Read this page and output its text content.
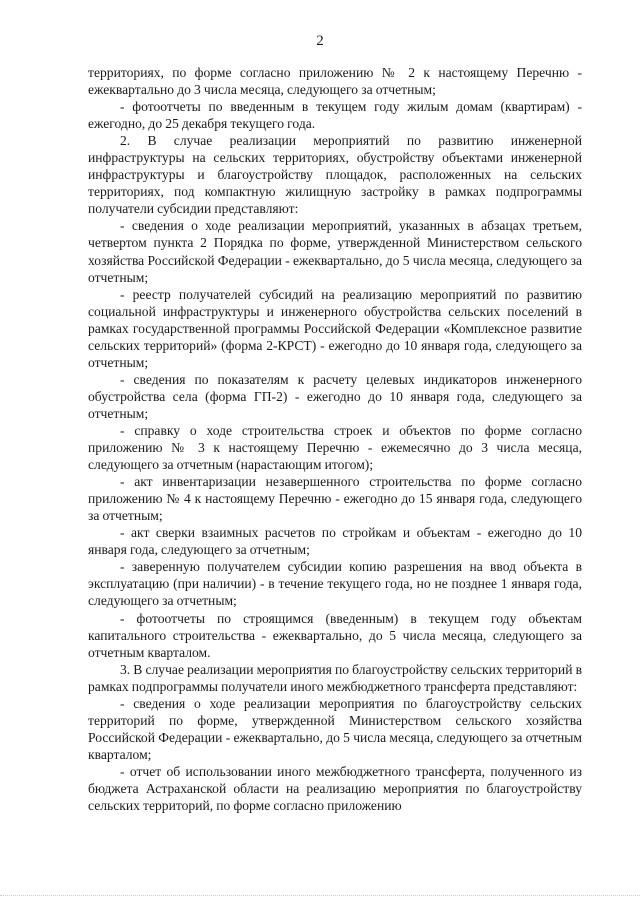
2

территориях, по форме согласно приложению № 2 к настоящему Перечню - ежеквартально до 3 числа месяца, следующего за отчетным;

- фотоотчеты по введенным в текущем году жилым домам (квартирам) - ежегодно, до 25 декабря текущего года.

2. В случае реализации мероприятий по развитию инженерной инфраструктуры на сельских территориях, обустройству объектами инженерной инфраструктуры и благоустройству площадок, расположенных на сельских территориях, под компактную жилищную застройку в рамках подпрограммы получатели субсидии представляют:

- сведения о ходе реализации мероприятий, указанных в абзацах третьем, четвертом пункта 2 Порядка по форме, утвержденной Министерством сельского хозяйства Российской Федерации - ежеквартально, до 5 числа месяца, следующего за отчетным;

- реестр получателей субсидий на реализацию мероприятий по развитию социальной инфраструктуры и инженерного обустройства сельских поселений в рамках государственной программы Российской Федерации «Комплексное развитие сельских территорий» (форма 2-КРСТ) - ежегодно до 10 января года, следующего за отчетным;

- сведения по показателям к расчету целевых индикаторов инженерного обустройства села (форма ГП-2) - ежегодно до 10 января года, следующего за отчетным;

- справку о ходе строительства строек и объектов по форме согласно приложению № 3 к настоящему Перечню - ежемесячно до 3 числа месяца, следующего за отчетным (нарастающим итогом);

- акт инвентаризации незавершенного строительства по форме согласно приложению № 4 к настоящему Перечню - ежегодно до 15 января года, следующего за отчетным;

- акт сверки взаимных расчетов по стройкам и объектам - ежегодно до 10 января года, следующего за отчетным;

- заверенную получателем субсидии копию разрешения на ввод объекта в эксплуатацию (при наличии) - в течение текущего года, но не позднее 1 января года, следующего за отчетным;

- фотоотчеты по строящимся (введенным) в текущем году объектам капитального строительства - ежеквартально, до 5 числа месяца, следующего за отчетным кварталом.

3. В случае реализации мероприятия по благоустройству сельских территорий в рамках подпрограммы получатели иного межбюджетного трансферта представляют:

- сведения о ходе реализации мероприятия по благоустройству сельских территорий по форме, утвержденной Министерством сельского хозяйства Российской Федерации - ежеквартально, до 5 числа месяца, следующего за отчетным кварталом;

- отчет об использовании иного межбюджетного трансферта, полученного из бюджета Астраханской области на реализацию мероприятия по благоустройству сельских территорий, по форме согласно приложению
